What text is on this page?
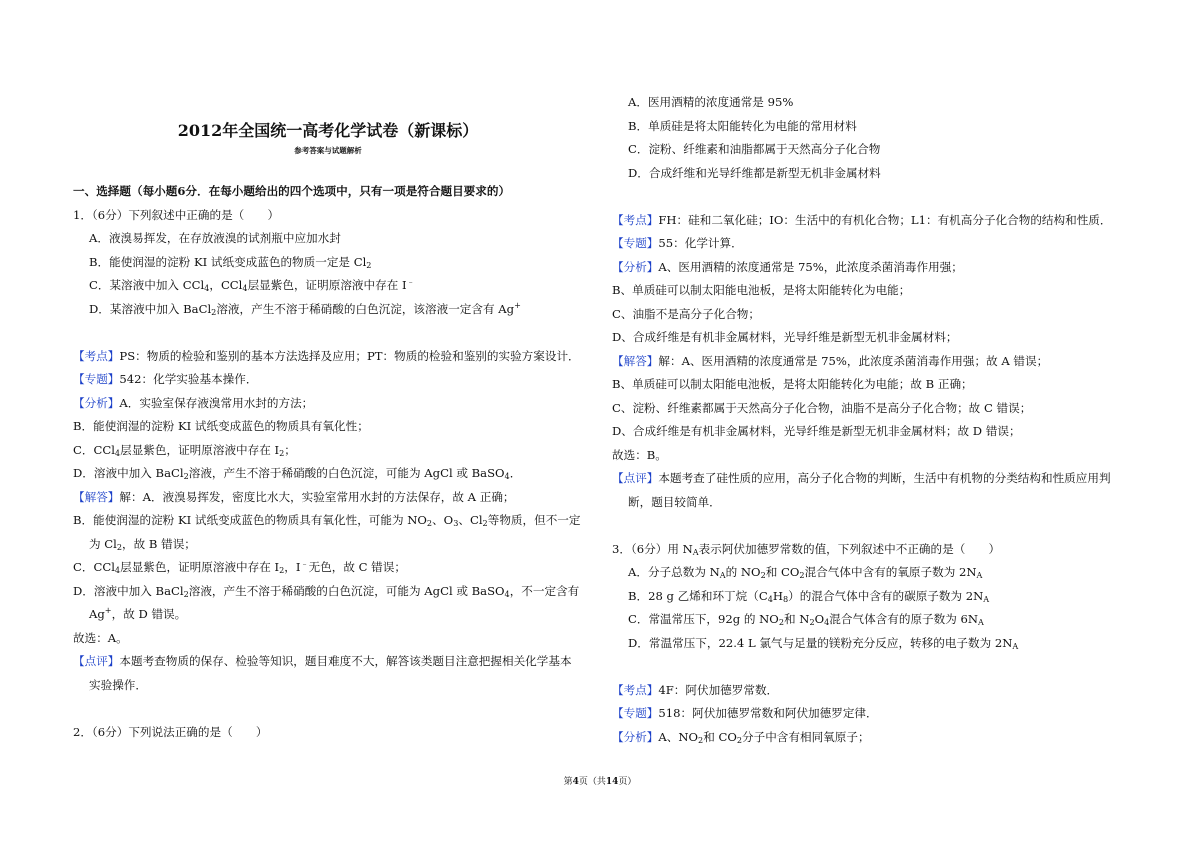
2012年全国统一高考化学试卷（新课标）
参考答案与试题解析
一、选择题（每小题6分．在每小题给出的四个选项中，只有一项是符合题目要求的）
1．（6分）下列叙述中正确的是（　　）
A．液溴易挥发，在存放液溴的试剂瓶中应加水封
B．能使润湿的淀粉 KI 试纸变成蓝色的物质一定是 $Cl_2$
C．某溶液中加入 CCl$_4$，CCl$_4$层显紫色，证明原溶液中存在 I﹣
D．某溶液中加入 BaCl$_2$溶液，产生不溶于稀硝酸的白色沉淀，该溶液一定含有 Ag+
【考点】PS：物质的检验和鉴别的基本方法选择及应用；PT：物质的检验和鉴别的实验方案设计．
【专题】542：化学实验基本操作．
【分析】A．实验室保存液溴常用水封的方法；
B．能使润湿的淀粉 KI 试纸变成蓝色的物质具有氧化性；
C．CCl$_4$层显紫色，证明原溶液中存在 $I_2$；
D．溶液中加入 BaCl$_2$溶液，产生不溶于稀硝酸的白色沉淀，可能为 AgCl 或 BaSO$_4$．
【解答】解：A．液溴易挥发，密度比水大，实验室常用水封的方法保存，故 A 正确；
B．能使润湿的淀粉 KI 试纸变成蓝色的物质具有氧化性，可能为 $NO_2$、$O_3$、$Cl_2$等物质，但不一定
为 $Cl_2$，故 B 错误；
C．CCl$_4$层显紫色，证明原溶液中存在 $I_2$，I﹣无色，故 C 错误；
D．溶液中加入 BaCl$_2$溶液，产生不溶于稀硝酸的白色沉淀，可能为 AgCl 或 BaSO$_4$，不一定含有
Ag+，故 D 错误。
故选：A。
【点评】本题考查物质的保存、检验等知识，题目难度不大，解答该类题目注意把握相关化学基本
实验操作．
2．（6分）下列说法正确的是（　　）
A．医用酒精的浓度通常是 95%
B．单质硅是将太阳能转化为电能的常用材料
C．淀粉、纤维素和油脂都属于天然高分子化合物
D．合成纤维和光导纤维都是新型无机非金属材料
【考点】FH：硅和二氧化硅；IO：生活中的有机化合物；L1：有机高分子化合物的结构和性质．
【专题】55：化学计算．
【分析】A、医用酒精的浓度通常是 75%，此浓度杀菌消毒作用强；
B、单质硅可以制太阳能电池板，是将太阳能转化为电能；
C、油脂不是高分子化合物；
D、合成纤维是有机非金属材料，光导纤维是新型无机非金属材料；
【解答】解：A、医用酒精的浓度通常是 75%，此浓度杀菌消毒作用强；故 A 错误；
B、单质硅可以制太阳能电池板，是将太阳能转化为电能；故 B 正确；
C、淀粉、纤维素都属于天然高分子化合物，油脂不是高分子化合物；故 C 错误；
D、合成纤维是有机非金属材料，光导纤维是新型无机非金属材料；故 D 错误；
故选：B。
【点评】本题考查了硅性质的应用，高分子化合物的判断，生活中有机物的分类结构和性质应用判
断，题目较简单．
3．（6分）用 $N_A$表示阿伏加德罗常数的值，下列叙述中不正确的是（　　）
A．分子总数为 $N_A$的 $NO_2$和 $CO_2$混合气体中含有的氧原子数为 $2N_A$
B．28 g 乙烯和环丁烷$(C_4H_8)$的混合气体中含有的碳原子数为 $2N_A$
C．常温常压下，92g 的 $NO_2$和 $N_2O_4$混合气体含有的原子数为 $6N_A$
D．常温常压下，22.4 L 氯气与足量的镁粉充分反应，转移的电子数为 $2N_A$
【考点】4F：阿伏加德罗常数．
【专题】518：阿伏加德罗常数和阿伏加德罗定律．
【分析】A、$NO_2$和 $CO_2$分子中含有相同氧原子；
第4页（共14页）
